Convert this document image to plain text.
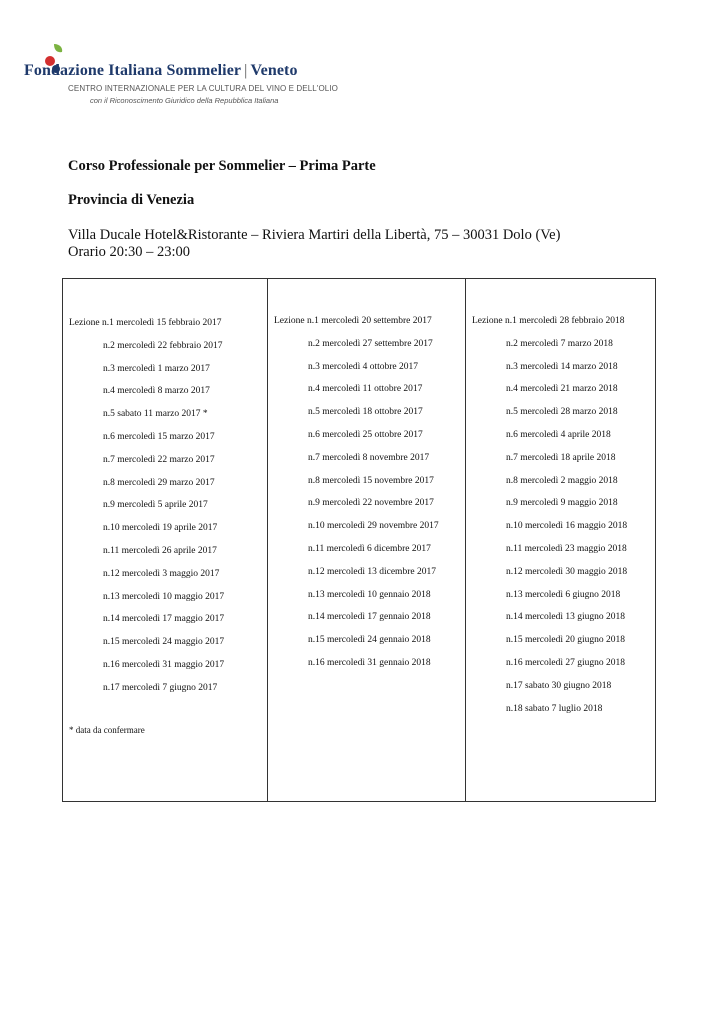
Fondazione Italiana Sommelier | Veneto
CENTRO INTERNAZIONALE PER LA CULTURA DEL VINO E DELL'OLIO
con il Riconoscimento Giuridico della Repubblica Italiana
Corso Professionale per Sommelier – Prima Parte
Provincia di Venezia
Villa Ducale Hotel&Ristorante – Riviera Martiri della Libertà, 75 – 30031 Dolo (Ve)
Orario 20:30 – 23:00
Lezione n.1 mercoledì 15 febbraio 2017
n.2 mercoledì 22 febbraio 2017
n.3 mercoledì 1 marzo 2017
n.4 mercoledì 8 marzo 2017
n.5 sabato 11 marzo 2017 *
n.6 mercoledì 15 marzo 2017
n.7 mercoledì 22 marzo 2017
n.8 mercoledì 29 marzo 2017
n.9 mercoledì 5 aprile 2017
n.10 mercoledì 19 aprile 2017
n.11 mercoledì 26 aprile 2017
n.12 mercoledì 3 maggio 2017
n.13 mercoledì 10 maggio 2017
n.14 mercoledì 17 maggio 2017
n.15 mercoledì 24 maggio 2017
n.16 mercoledì 31 maggio 2017
n.17 mercoledì 7 giugno 2017
* data da confermare
Lezione n.1 mercoledì 20 settembre 2017
n.2 mercoledì 27 settembre 2017
n.3 mercoledì 4 ottobre 2017
n.4 mercoledì 11 ottobre 2017
n.5 mercoledì 18 ottobre 2017
n.6 mercoledì 25 ottobre 2017
n.7 mercoledì 8 novembre 2017
n.8 mercoledì 15 novembre 2017
n.9 mercoledì 22 novembre 2017
n.10 mercoledì 29 novembre 2017
n.11 mercoledì 6 dicembre 2017
n.12 mercoledì 13 dicembre 2017
n.13 mercoledì 10 gennaio 2018
n.14 mercoledì 17 gennaio 2018
n.15 mercoledì 24 gennaio 2018
n.16 mercoledì 31 gennaio 2018
Lezione n.1 mercoledì 28 febbraio 2018
n.2 mercoledì 7 marzo 2018
n.3 mercoledì 14 marzo 2018
n.4 mercoledì 21 marzo 2018
n.5 mercoledì 28 marzo 2018
n.6 mercoledì 4 aprile 2018
n.7 mercoledì 18 aprile 2018
n.8 mercoledì 2 maggio 2018
n.9 mercoledì 9 maggio 2018
n.10 mercoledì 16 maggio 2018
n.11 mercoledì 23 maggio 2018
n.12 mercoledì 30 maggio 2018
n.13 mercoledì 6 giugno 2018
n.14 mercoledì 13 giugno 2018
n.15 mercoledì 20 giugno 2018
n.16 mercoledì 27 giugno 2018
n.17 sabato 30 giugno 2018
n.18 sabato 7 luglio 2018
